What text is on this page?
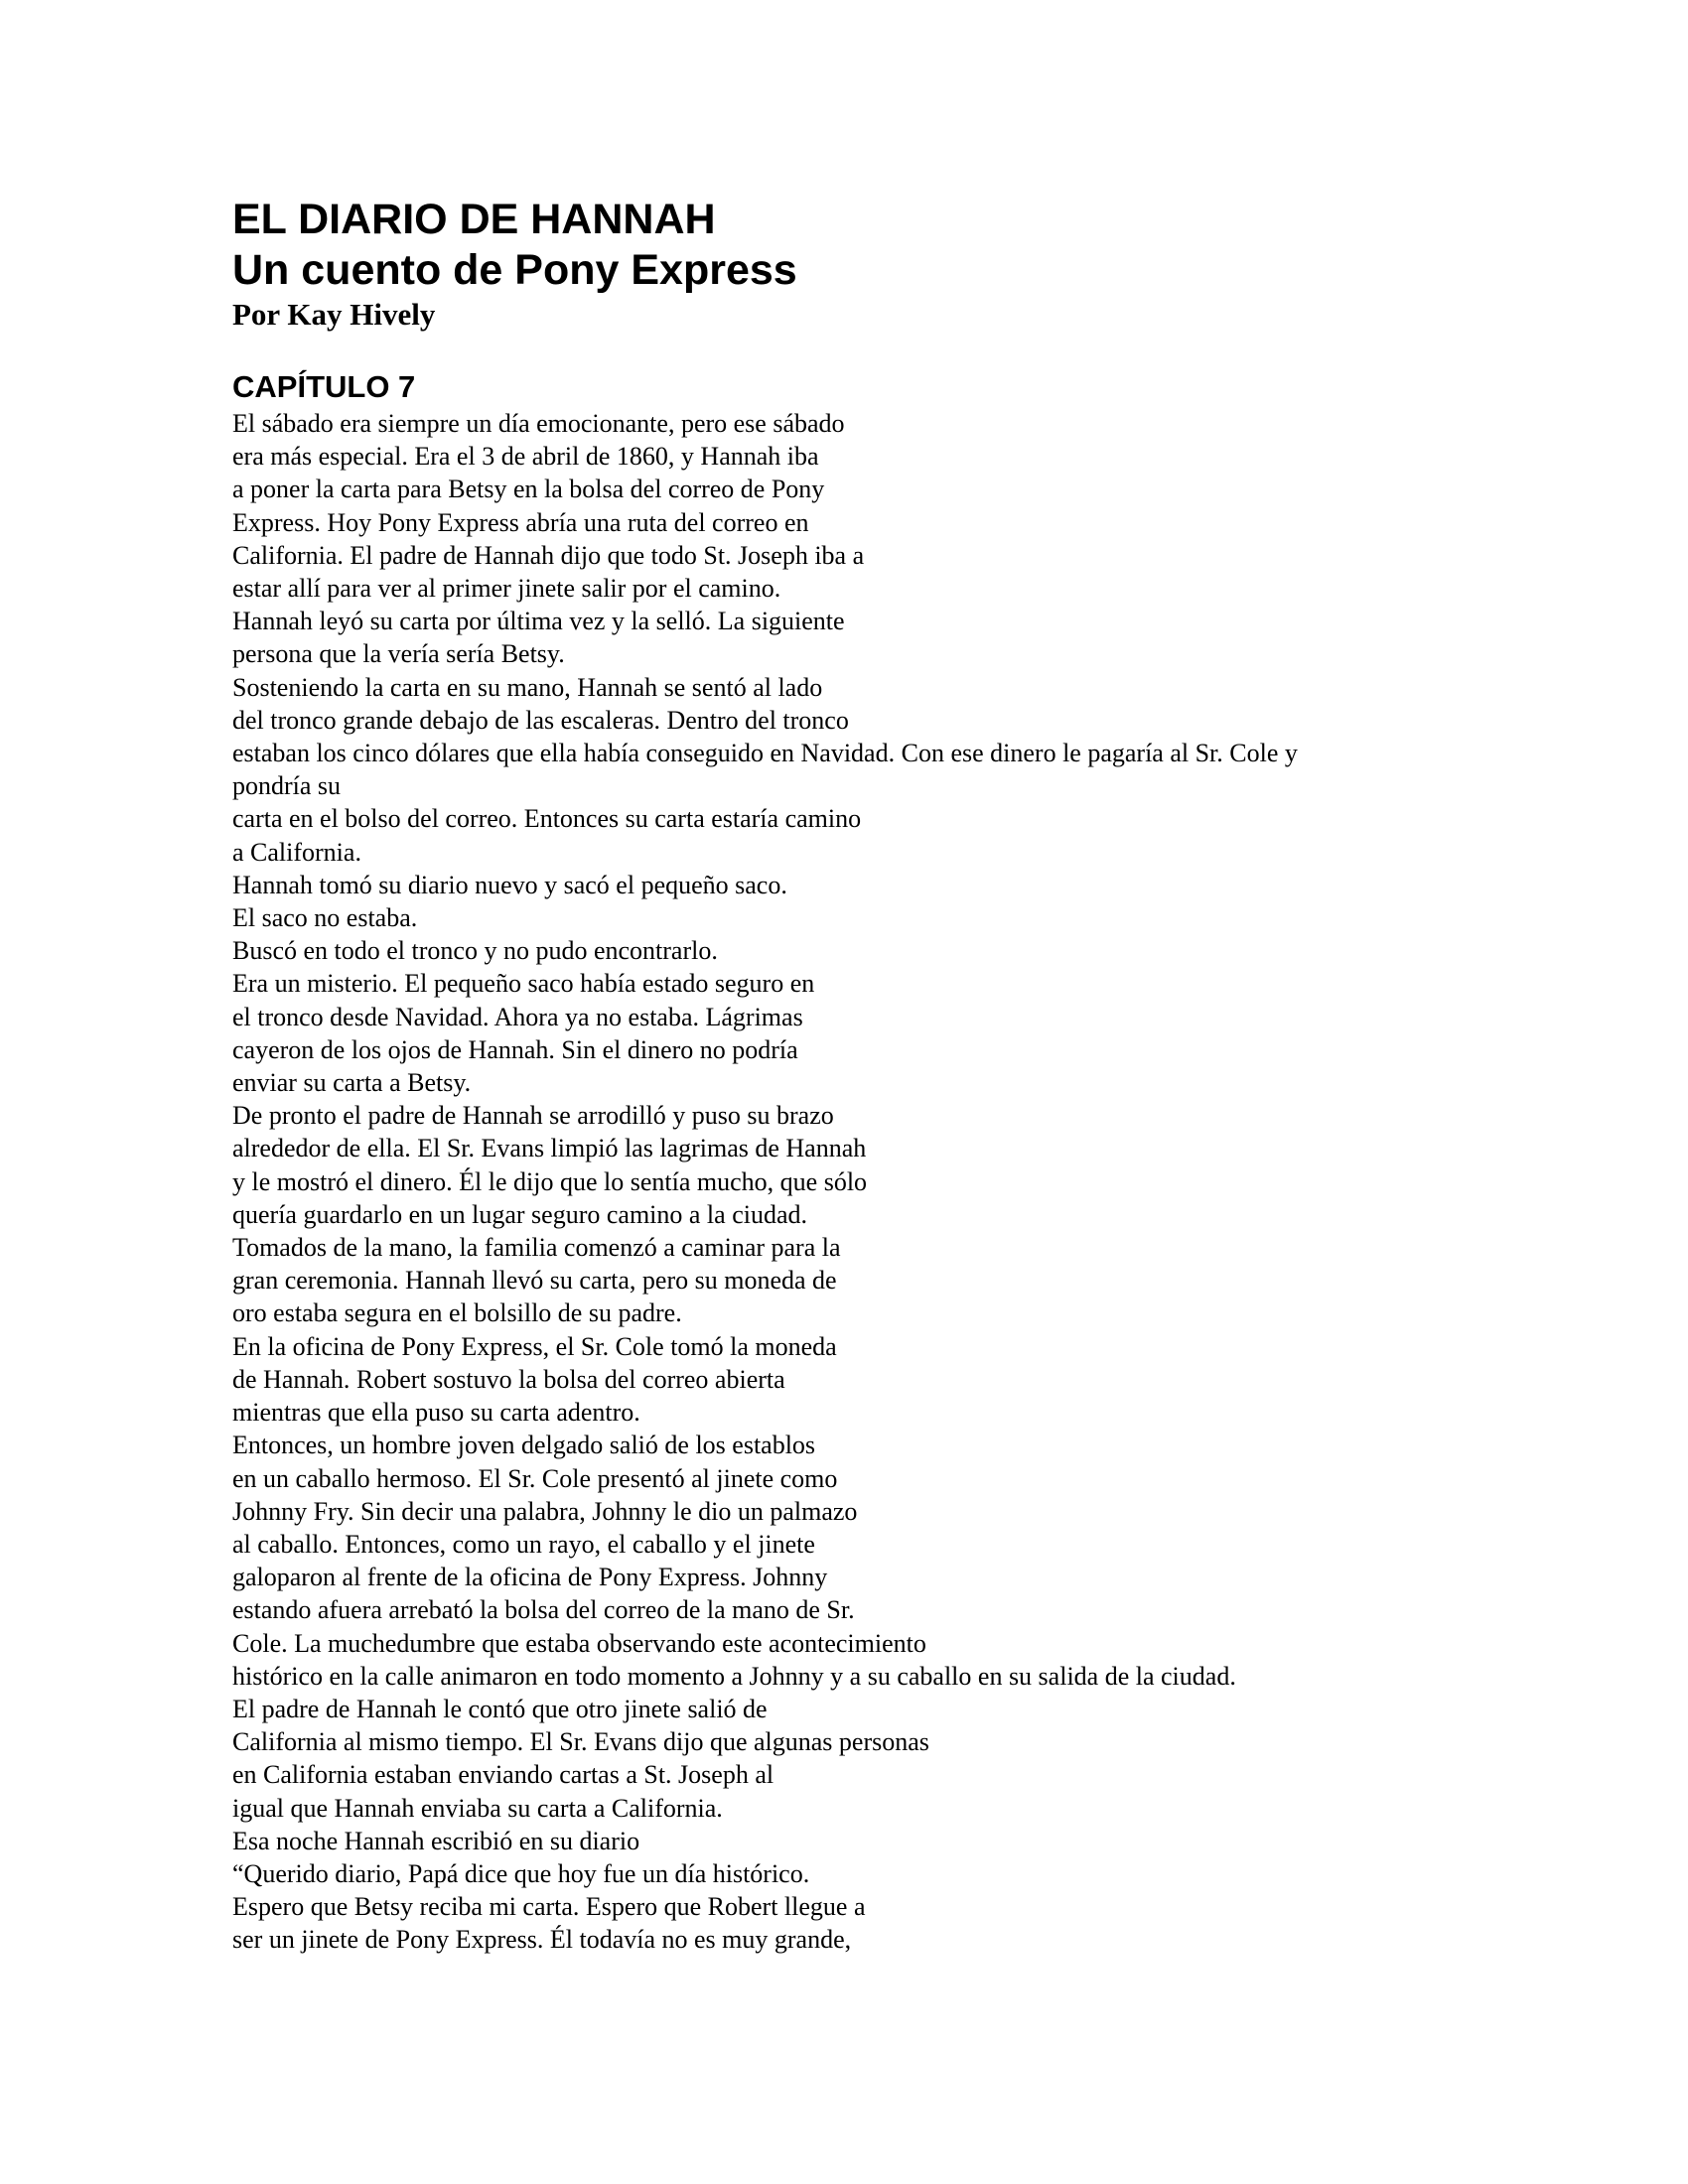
EL DIARIO DE HANNAH
Un cuento de Pony Express

Por Kay Hively

CAPÍTULO 7
El sábado era siempre un día emocionante, pero ese sábado
era más especial. Era el 3 de abril de 1860, y Hannah iba
a poner la carta para Betsy en la bolsa del correo de Pony
Express. Hoy Pony Express abría una ruta del correo en
California. El padre de Hannah dijo que todo St. Joseph iba a
estar allí para ver al primer jinete salir por el camino.
Hannah leyó su carta por última vez y la selló. La siguiente
persona que la vería sería Betsy.
Sosteniendo la carta en su mano, Hannah se sentó al lado
del tronco grande debajo de las escaleras. Dentro del tronco
estaban los cinco dólares que ella había conseguido en Navidad. Con ese dinero le pagaría al Sr. Cole y
pondría su
carta en el bolso del correo. Entonces su carta estaría camino
a California.
Hannah tomó su diario nuevo y sacó el pequeño saco.
El saco no estaba.
Buscó en todo el tronco y no pudo encontrarlo.
Era un misterio. El pequeño saco había estado seguro en
el tronco desde Navidad. Ahora ya no estaba. Lágrimas
cayeron de los ojos de Hannah. Sin el dinero no podría
enviar su carta a Betsy.
De pronto el padre de Hannah se arrodilló y puso su brazo
alrededor de ella. El Sr. Evans limpió las lagrimas de Hannah
y le mostró el dinero. Él le dijo que lo sentía mucho, que sólo
quería guardarlo en un lugar seguro camino a la ciudad.
Tomados de la mano, la familia comenzó a caminar para la
gran ceremonia. Hannah llevó su carta, pero su moneda de
oro estaba segura en el bolsillo de su padre.
En la oficina de Pony Express, el Sr. Cole tomó la moneda
de Hannah. Robert sostuvo la bolsa del correo abierta
mientras que ella puso su carta adentro.
Entonces, un hombre joven delgado salió de los establos
en un caballo hermoso. El Sr. Cole presentó al jinete como
Johnny Fry. Sin decir una palabra, Johnny le dio un palmazo
al caballo. Entonces, como un rayo, el caballo y el jinete
galoparon al frente de la oficina de Pony Express. Johnny
estando afuera arrebató la bolsa del correo de la mano de Sr.
Cole. La muchedumbre que estaba observando este acontecimiento
histórico en la calle animaron en todo momento a Johnny y a su caballo en su salida de la ciudad.
El padre de Hannah le contó que otro jinete salió de
California al mismo tiempo. El Sr. Evans dijo que algunas personas
en California estaban enviando cartas a St. Joseph al
igual que Hannah enviaba su carta a California.
Esa noche Hannah escribió en su diario
“Querido diario, Papá dice que hoy fue un día histórico.
Espero que Betsy reciba mi carta. Espero que Robert llegue a
ser un jinete de Pony Express. Él todavía no es muy grande,
